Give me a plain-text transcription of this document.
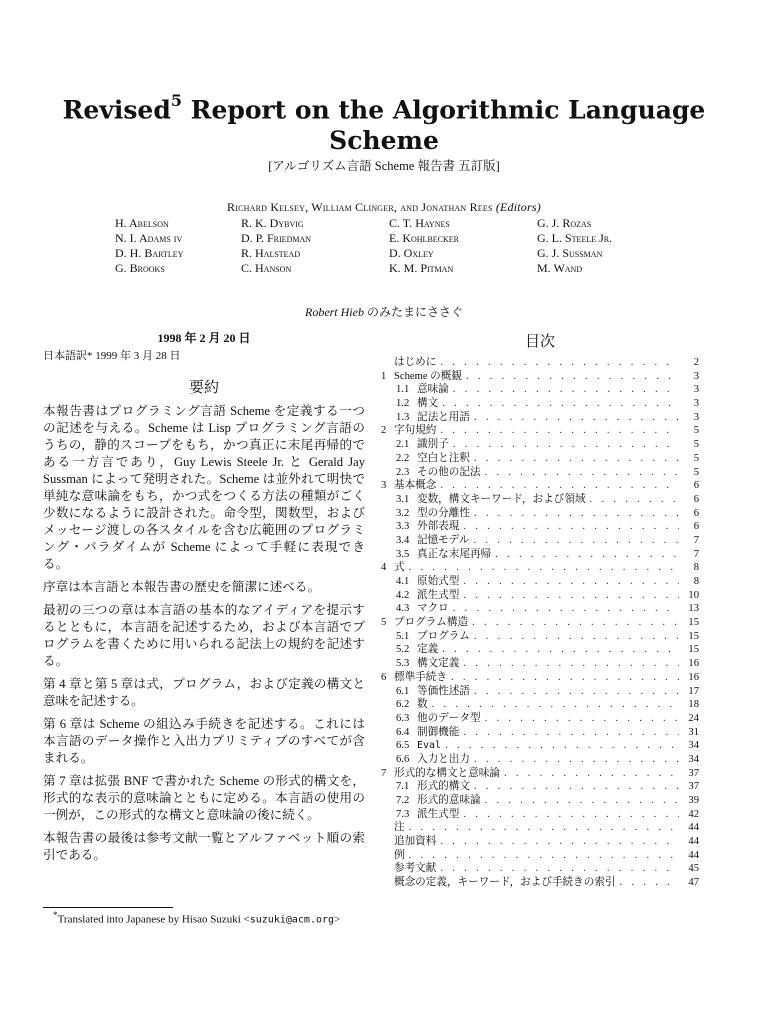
Revised$^5$ Report on the Algorithmic Language
Scheme
[アルゴリズム言語 Scheme 報告書 五訂版]
Richard Kelsey, William Clinger, and Jonathan Rees (Editors)
H. Abelson
N. I. Adams iv
D. H. Bartley
G. Brooks
R. K. Dybvig
D. P. Friedman
R. Halstead
C. Hanson
C. T. Haynes
E. Kohlbecker
D. Oxley
K. M. Pitman
G. J. Rozas
G. L. Steele Jr.
G. J. Sussman
M. Wand
Robert Hieb のみたまにささぐ
1998 年 2 月 20 日
日本語訳* 1999 年 3 月 28 日
要約

本報告書はプログラミング言語 Scheme を定義する一つの記述を与える。Scheme は Lisp プログラミング言語のうちの，静的スコープをもち，かつ真正に末尾再帰的である一方言であり，Guy Lewis Steele Jr. と Gerald Jay Sussman によって発明された。Scheme は並外れて明快で単純な意味論をもち，かつ式をつくる方法の種類がごく少数になるように設計された。命令型，関数型，およびメッセージ渡しの各スタイルを含む広範囲のプログラミング・パラダイムが Scheme によって手軽に表現できる。

序章は本言語と本報告書の歴史を簡潔に述べる。

最初の三つの章は本言語の基本的なアイディアを提示するとともに，本言語を記述するため，および本言語でプログラムを書くために用いられる記法上の規約を記述する。

第 4 章と第 5 章は式，プログラム，および定義の構文と意味を記述する。

第 6 章は Scheme の組込み手続きを記述する。これには本言語のデータ操作と入出力プリミティブのすべてが含まれる。

第 7 章は拡張 BNF で書かれた Scheme の形式的構文を，形式的な表示的意味論とともに定める。本言語の使用の一例が，この形式的な構文と意味論の後に続く。

本報告書の最後は参考文献一覧とアルファベット順の索引である。

目次
はじめに . . .	2
1 Scheme の概観 . . .	3
1.1 意味論 . . .	3
1.2 構文 . . .	3
1.3 記法と用語 . . .	3
2 字句規約 . . .	5
2.1 識別子 . . .	5
2.2 空白と注釈 . . .	5
2.3 その他の記法 . . .	5
3 基本概念 . . .	6
3.1 変数，構文キーワード，および領域 . . .	6
3.2 型の分離性 . . .	6
3.3 外部表現 . . .	6
3.4 記憶モデル . . .	7
3.5 真正な末尾再帰 . . .	7
4 式 . . .	8
4.1 原始式型 . . .	8
4.2 派生式型 . . .	10
4.3 マクロ . . .	13
5 プログラム構造 . . .	15
5.1 プログラム . . .	15
5.2 定義 . . .	15
5.3 構文定義 . . .	16
6 標準手続き . . .	16
6.1 等価性述語 . . .	17
6.2 数 . . .	18
6.3 他のデータ型 . . .	24
6.4 制御機能 . . .	31
6.5 Eval . . .	34
6.6 入力と出力 . . .	34
7 形式的な構文と意味論 . . .	37
7.1 形式的構文 . . .	37
7.2 形式的意味論 . . .	39
7.3 派生式型 . . .	42
注 . . .	44
追加資料 . . .	44
例 . . .	44
参考文献 . . .	45
概念の定義，キーワード，および手続きの索引 . . .	47
*Translated into Japanese by Hisao Suzuki <suzuki@acm.org>
